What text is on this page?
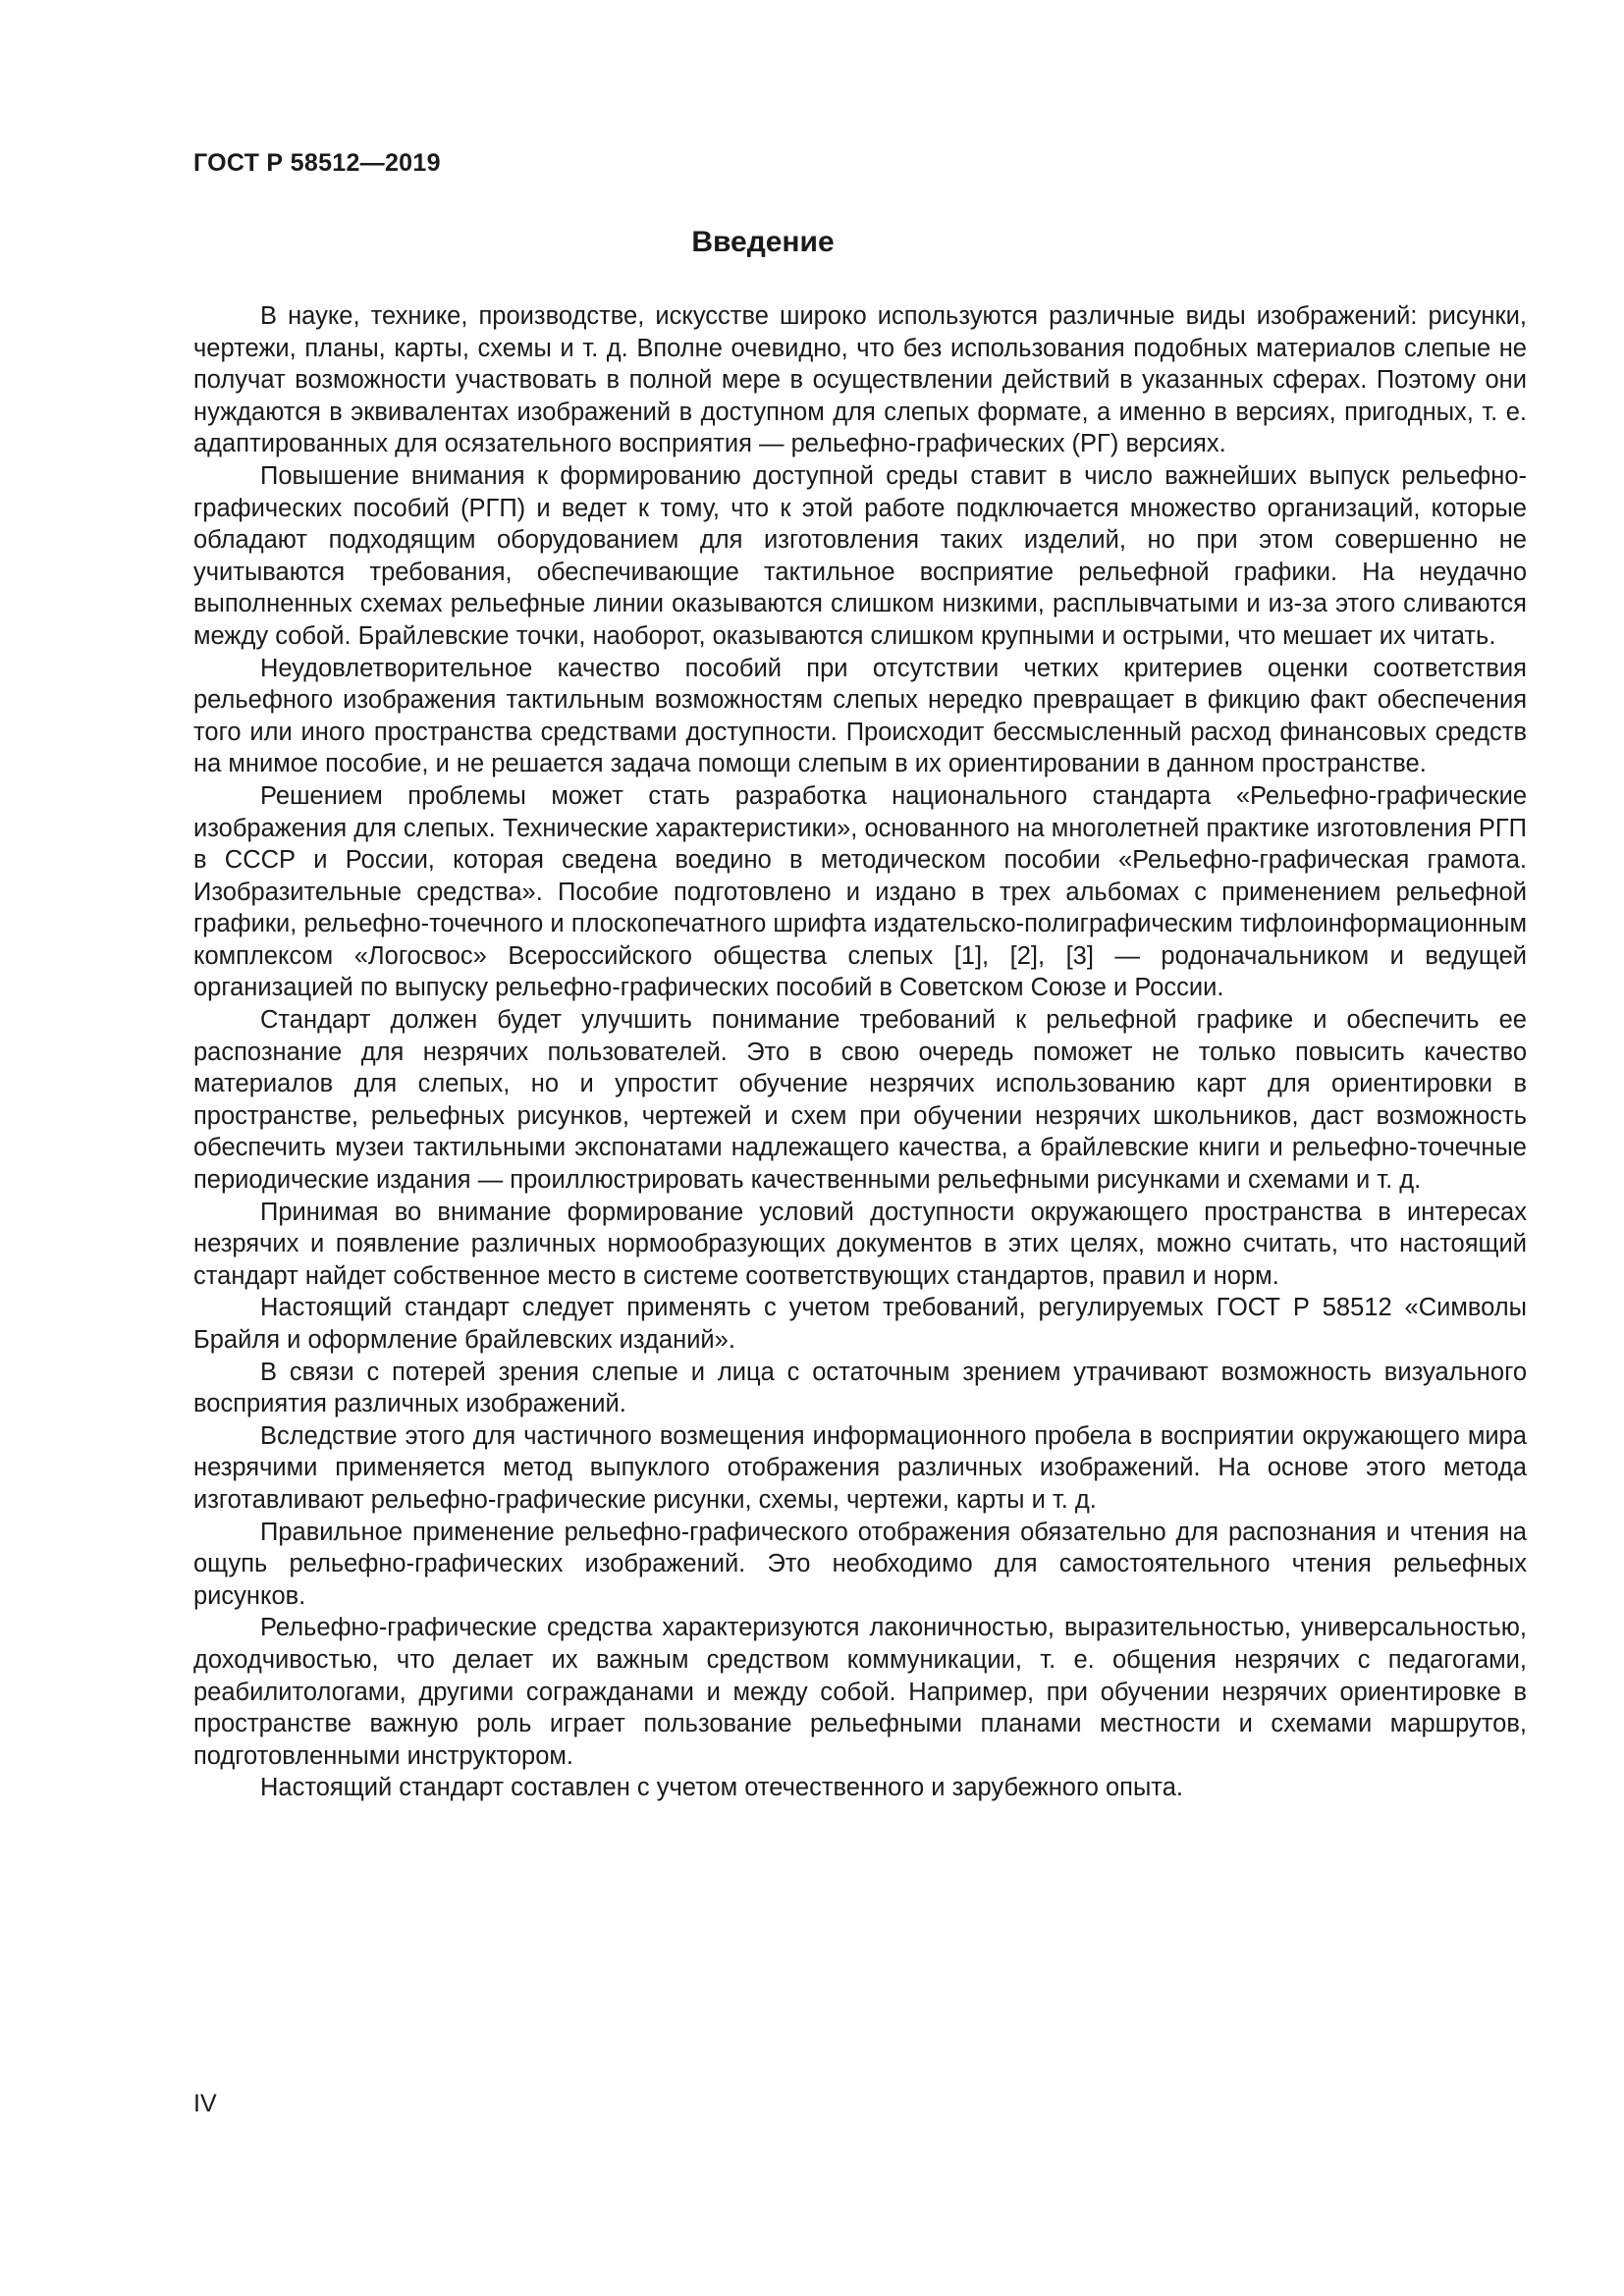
ГОСТ Р 58512—2019
Введение

В науке, технике, производстве, искусстве широко используются различные виды изображений: рисунки, чертежи, планы, карты, схемы и т. д. Вполне очевидно, что без использования подобных материалов слепые не получат возможности участвовать в полной мере в осуществлении действий в указанных сферах. Поэтому они нуждаются в эквивалентах изображений в доступном для слепых формате, а именно в версиях, пригодных, т. е. адаптированных для осязательного восприятия — рельефно-графических (РГ) версиях.

Повышение внимания к формированию доступной среды ставит в число важнейших выпуск рельефно-графических пособий (РГП) и ведет к тому, что к этой работе подключается множество организаций, которые обладают подходящим оборудованием для изготовления таких изделий, но при этом совершенно не учитываются требования, обеспечивающие тактильное восприятие рельефной графики. На неудачно выполненных схемах рельефные линии оказываются слишком низкими, расплывчатыми и из-за этого сливаются между собой. Брайлевские точки, наоборот, оказываются слишком крупными и острыми, что мешает их читать.

Неудовлетворительное качество пособий при отсутствии четких критериев оценки соответствия рельефного изображения тактильным возможностям слепых нередко превращает в фикцию факт обеспечения того или иного пространства средствами доступности. Происходит бессмысленный расход финансовых средств на мнимое пособие, и не решается задача помощи слепым в их ориентировании в данном пространстве.

Решением проблемы может стать разработка национального стандарта «Рельефно-графические изображения для слепых. Технические характеристики», основанного на многолетней практике изготовления РГП в СССР и России, которая сведена воедино в методическом пособии «Рельефно-графическая грамота. Изобразительные средства». Пособие подготовлено и издано в трех альбомах с применением рельефной графики, рельефно-точечного и плоскопечатного шрифта издательско-полиграфическим тифлоинформационным комплексом «Логосвос» Всероссийского общества слепых [1], [2], [3] — родоначальником и ведущей организацией по выпуску рельефно-графических пособий в Советском Союзе и России.

Стандарт должен будет улучшить понимание требований к рельефной графике и обеспечить ее распознание для незрячих пользователей. Это в свою очередь поможет не только повысить качество материалов для слепых, но и упростит обучение незрячих использованию карт для ориентировки в пространстве, рельефных рисунков, чертежей и схем при обучении незрячих школьников, даст возможность обеспечить музеи тактильными экспонатами надлежащего качества, а брайлевские книги и рельефно-точечные периодические издания — проиллюстрировать качественными рельефными рисунками и схемами и т. д.

Принимая во внимание формирование условий доступности окружающего пространства в интересах незрячих и появление различных нормообразующих документов в этих целях, можно считать, что настоящий стандарт найдет собственное место в системе соответствующих стандартов, правил и норм.

Настоящий стандарт следует применять с учетом требований, регулируемых ГОСТ Р 58512 «Символы Брайля и оформление брайлевских изданий».

В связи с потерей зрения слепые и лица с остаточным зрением утрачивают возможность визуального восприятия различных изображений.

Вследствие этого для частичного возмещения информационного пробела в восприятии окружающего мира незрячими применяется метод выпуклого отображения различных изображений. На основе этого метода изготавливают рельефно-графические рисунки, схемы, чертежи, карты и т. д.

Правильное применение рельефно-графического отображения обязательно для распознания и чтения на ощупь рельефно-графических изображений. Это необходимо для самостоятельного чтения рельефных рисунков.

Рельефно-графические средства характеризуются лаконичностью, выразительностью, универсальностью, доходчивостью, что делает их важным средством коммуникации, т. е. общения незрячих с педагогами, реабилитологами, другими согражданами и между собой. Например, при обучении незрячих ориентировке в пространстве важную роль играет пользование рельефными планами местности и схемами маршрутов, подготовленными инструктором.

Настоящий стандарт составлен с учетом отечественного и зарубежного опыта.

IV
